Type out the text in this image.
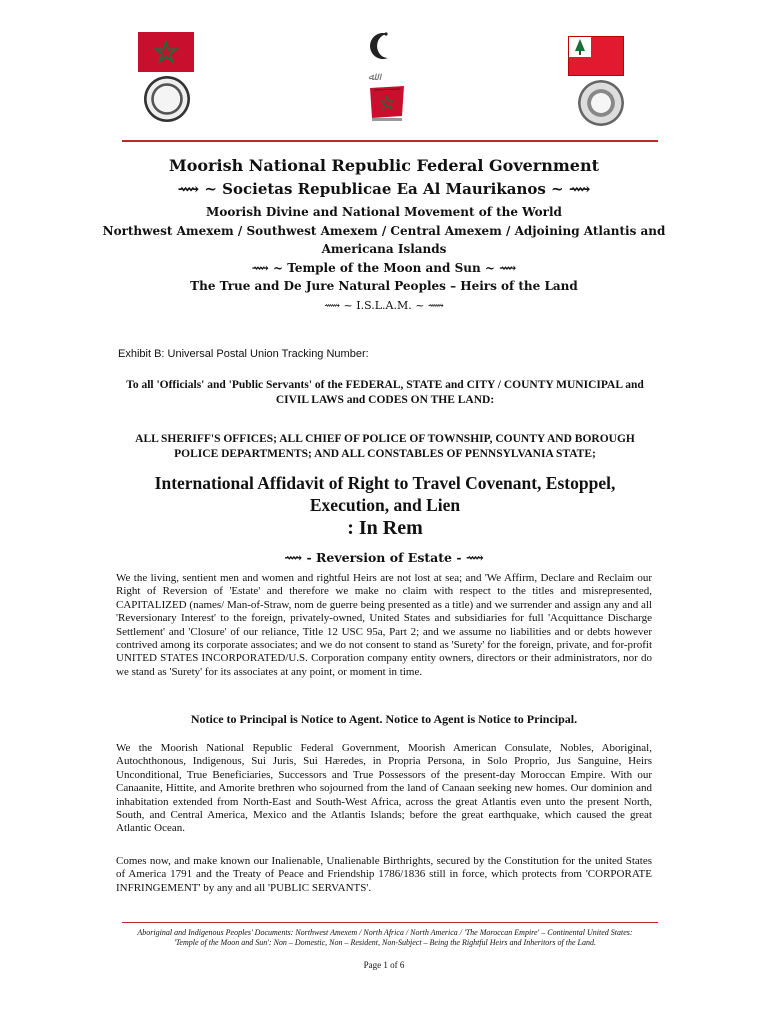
ﷲ
Moorish National Republic Federal Government
⟿ ~ Societas Republicae Ea Al Maurikanos ~ ⟿
Moorish Divine and National Movement of the World
Northwest Amexem / Southwest Amexem / Central Amexem / Adjoining Atlantis and
Americana Islands
⟿ ~ Temple of the Moon and Sun ~ ⟿
The True and De Jure Natural Peoples – Heirs of the Land
⟿ ~ I.S.L.A.M. ~ ⟿
Exhibit B: Universal Postal Union Tracking Number:
To all 'Officials' and 'Public Servants' of the FEDERAL, STATE and CITY / COUNTY MUNICIPAL and CIVIL LAWS and CODES ON THE LAND:
ALL SHERIFF'S OFFICES; ALL CHIEF OF POLICE OF TOWNSHIP, COUNTY AND BOROUGH POLICE DEPARTMENTS; AND ALL CONSTABLES OF PENNSYLVANIA STATE;
International Affidavit of Right to Travel Covenant, Estoppel, Execution, and Lien
: In Rem
⟿ - Reversion of Estate - ⟿
We the living, sentient men and women and rightful Heirs are not lost at sea; and 'We Affirm, Declare and Reclaim our Right of Reversion of 'Estate' and therefore we make no claim with respect to the titles and misrepresented, CAPITALIZED (names/ Man-of-Straw, nom de guerre being presented as a title) and we surrender and assign any and all 'Reversionary Interest' to the foreign, privately-owned, United States and subsidiaries for full 'Acquittance Discharge Settlement' and 'Closure' of our reliance, Title 12 USC 95a, Part 2; and we assume no liabilities and or debts however contrived among its corporate associates; and we do not consent to stand as 'Surety' for the foreign, private, and for-profit UNITED STATES INCORPORATED/U.S. Corporation company entity owners, directors or their administrators, nor do we stand as 'Surety' for its associates at any point, or moment in time.
Notice to Principal is Notice to Agent. Notice to Agent is Notice to Principal.
We the Moorish National Republic Federal Government, Moorish American Consulate, Nobles, Aboriginal, Autochthonous, Indigenous, Sui Juris, Sui Hæredes, in Propria Persona, in Solo Proprio, Jus Sanguine, Heirs Unconditional, True Beneficiaries, Successors and True Possessors of the present-day Moroccan Empire. With our Canaanite, Hittite, and Amorite brethren who sojourned from the land of Canaan seeking new homes. Our dominion and inhabitation extended from North-East and South-West Africa, across the great Atlantis even unto the present North, South, and Central America, Mexico and the Atlantis Islands; before the great earthquake, which caused the great Atlantic Ocean.
Comes now, and make known our Inalienable, Unalienable Birthrights, secured by the Constitution for the united States of America 1791 and the Treaty of Peace and Friendship 1786/1836 still in force, which protects from 'CORPORATE INFRINGEMENT' by any and all 'PUBLIC SERVANTS'.
Aboriginal and Indigenous Peoples' Documents: Northwest Amexem / North Africa / North America / 'The Moroccan Empire' – Continental United States:
'Temple of the Moon and Sun': Non – Domestic, Non – Resident, Non-Subject – Being the Rightful Heirs and Inheritors of the Land.
Page 1 of 6
